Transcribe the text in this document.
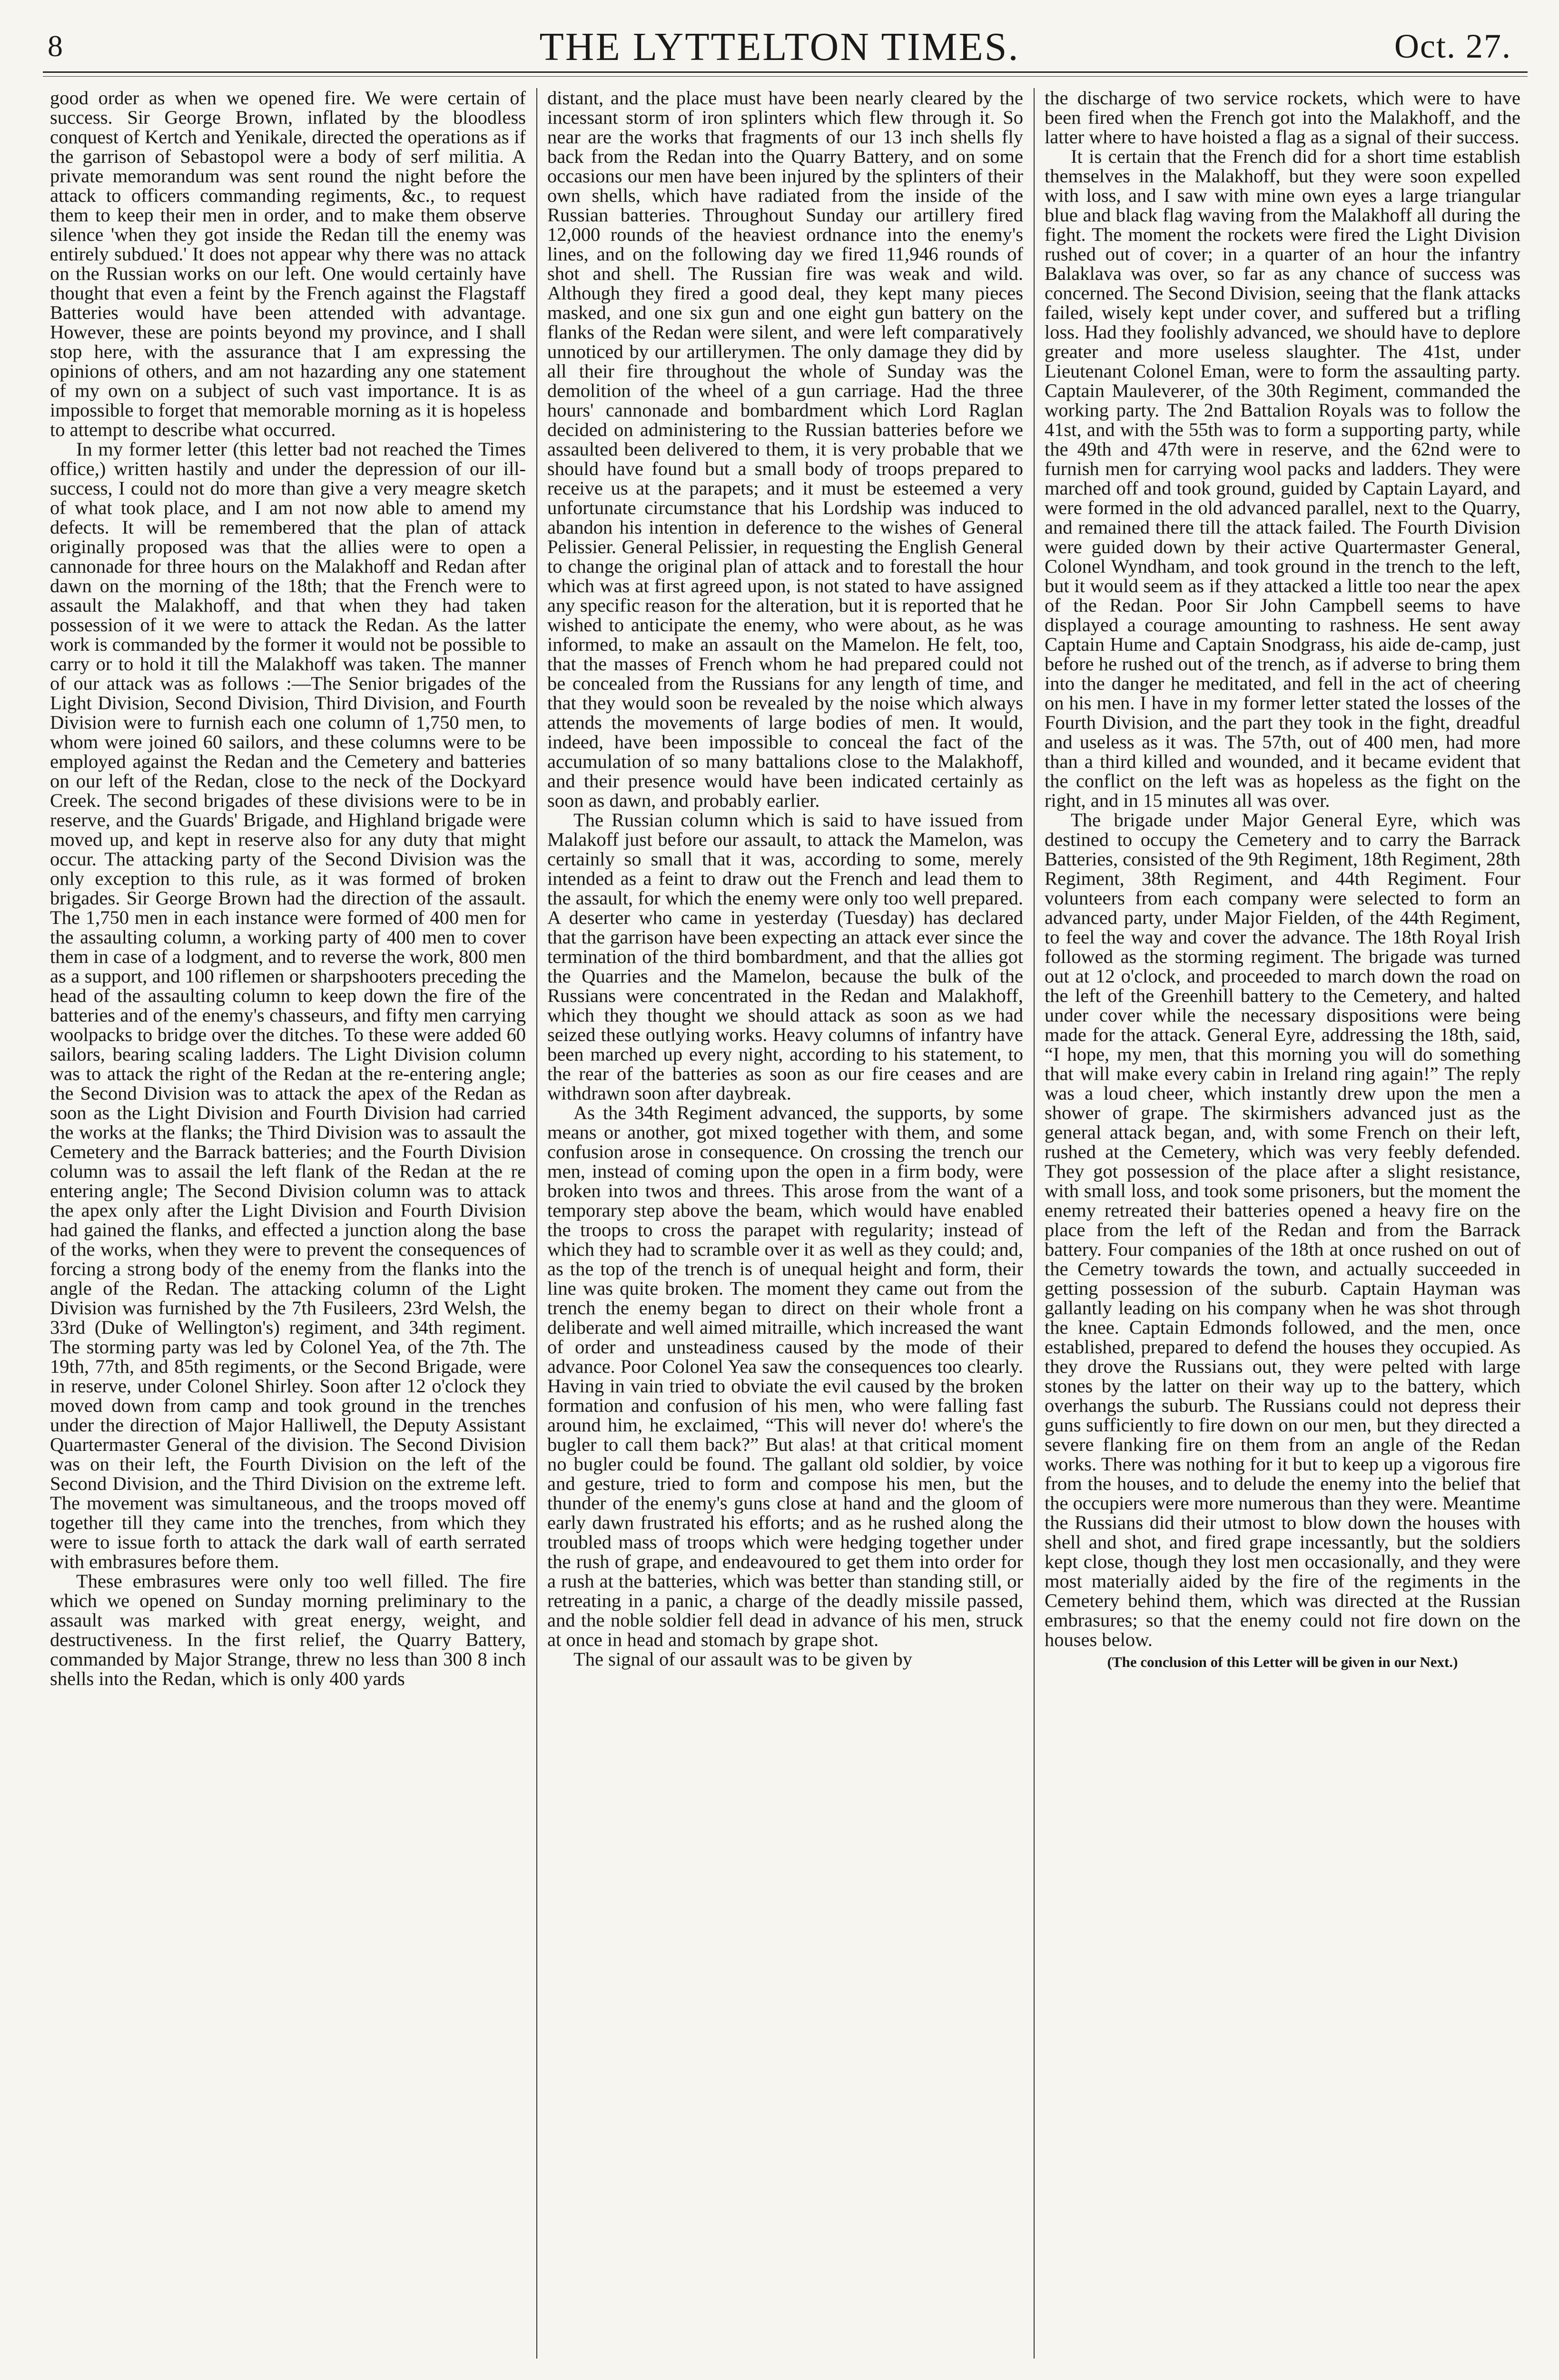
8	THE LYTTELTON TIMES.	Oct. 27.

good order as when we opened fire. We were certain of success. Sir George Brown, inflated by the bloodless conquest of Kertch and Yenikale, directed the operations as if the garrison of Sebastopol were a body of serf militia. A private memorandum was sent round the night before the attack to officers commanding regiments, &c., to request them to keep their men in order, and to make them observe silence 'when they got inside the Redan till the enemy was entirely subdued.' It does not appear why there was no attack on the Russian works on our left. One would certainly have thought that even a feint by the French against the Flagstaff Batteries would have been attended with advantage. However, these are points beyond my province, and I shall stop here, with the assurance that I am expressing the opinions of others, and am not hazarding any one statement of my own on a subject of such vast importance. It is as impossible to forget that memorable morning as it is hopeless to attempt to describe what occurred.

In my former letter (this letter bad not reached the Times office,) written hastily and under the depression of our ill-success, I could not do more than give a very meagre sketch of what took place, and I am not now able to amend my defects. It will be remembered that the plan of attack originally proposed was that the allies were to open a cannonade for three hours on the Malakhoff and Redan after dawn on the morning of the 18th; that the French were to assault the Malakhoff, and that when they had taken possession of it we were to attack the Redan. As the latter work is commanded by the former it would not be possible to carry or to hold it till the Malakhoff was taken. The manner of our attack was as follows :—The Senior brigades of the Light Division, Second Division, Third Division, and Fourth Division were to furnish each one column of 1,750 men, to whom were joined 60 sailors, and these columns were to be employed against the Redan and the Cemetery and batteries on our left of the Redan, close to the neck of the Dockyard Creek. The second brigades of these divisions were to be in reserve, and the Guards' Brigade, and Highland brigade were moved up, and kept in reserve also for any duty that might occur. The attacking party of the Second Division was the only exception to this rule, as it was formed of broken brigades. Sir George Brown had the direction of the assault. The 1,750 men in each instance were formed of 400 men for the assaulting column, a working party of 400 men to cover them in case of a lodgment, and to reverse the work, 800 men as a support, and 100 riflemen or sharpshooters preceding the head of the assaulting column to keep down the fire of the batteries and of the enemy's chasseurs, and fifty men carrying woolpacks to bridge over the ditches. To these were added 60 sailors, bearing scaling ladders. The Light Division column was to attack the right of the Redan at the re-entering angle; the Second Division was to attack the apex of the Redan as soon as the Light Division and Fourth Division had carried the works at the flanks; the Third Division was to assault the Cemetery and the Barrack batteries; and the Fourth Division column was to assail the left flank of the Redan at the re entering angle; The Second Division column was to attack the apex only after the Light Division and Fourth Division had gained the flanks, and effected a junction along the base of the works, when they were to prevent the consequences of forcing a strong body of the enemy from the flanks into the angle of the Redan. The attacking column of the Light Division was furnished by the 7th Fusileers, 23rd Welsh, the 33rd (Duke of Wellington's) regiment, and 34th regiment. The storming party was led by Colonel Yea, of the 7th. The 19th, 77th, and 85th regiments, or the Second Brigade, were in reserve, under Colonel Shirley. Soon after 12 o'clock they moved down from camp and took ground in the trenches under the direction of Major Halliwell, the Deputy Assistant Quartermaster General of the division. The Second Division was on their left, the Fourth Division on the left of the Second Division, and the Third Division on the extreme left. The movement was simultaneous, and the troops moved off together till they came into the trenches, from which they were to issue forth to attack the dark wall of earth serrated with embrasures before them.

These embrasures were only too well filled. The fire which we opened on Sunday morning preliminary to the assault was marked with great energy, weight, and destructiveness. In the first relief, the Quarry Battery, commanded by Major Strange, threw no less than 300 8 inch shells into the Redan, which is only 400 yards

distant, and the place must have been nearly cleared by the incessant storm of iron splinters which flew through it. So near are the works that fragments of our 13 inch shells fly back from the Redan into the Quarry Battery, and on some occasions our men have been injured by the splinters of their own shells, which have radiated from the inside of the Russian batteries. Throughout Sunday our artillery fired 12,000 rounds of the heaviest ordnance into the enemy's lines, and on the following day we fired 11,946 rounds of shot and shell. The Russian fire was weak and wild. Although they fired a good deal, they kept many pieces masked, and one six gun and one eight gun battery on the flanks of the Redan were silent, and were left comparatively unnoticed by our artillerymen. The only damage they did by all their fire throughout the whole of Sunday was the demolition of the wheel of a gun carriage. Had the three hours' cannonade and bombardment which Lord Raglan decided on administering to the Russian batteries before we assaulted been delivered to them, it is very probable that we should have found but a small body of troops prepared to receive us at the parapets; and it must be esteemed a very unfortunate circumstance that his Lordship was induced to abandon his intention in deference to the wishes of General Pelissier. General Pelissier, in requesting the English General to change the original plan of attack and to forestall the hour which was at first agreed upon, is not stated to have assigned any specific reason for the alteration, but it is reported that he wished to anticipate the enemy, who were about, as he was informed, to make an assault on the Mamelon. He felt, too, that the masses of French whom he had prepared could not be concealed from the Russians for any length of time, and that they would soon be revealed by the noise which always attends the movements of large bodies of men. It would, indeed, have been impossible to conceal the fact of the accumulation of so many battalions close to the Malakhoff, and their presence would have been indicated certainly as soon as dawn, and probably earlier.

The Russian column which is said to have issued from Malakoff just before our assault, to attack the Mamelon, was certainly so small that it was, according to some, merely intended as a feint to draw out the French and lead them to the assault, for which the enemy were only too well prepared. A deserter who came in yesterday (Tuesday) has declared that the garrison have been expecting an attack ever since the termination of the third bombardment, and that the allies got the Quarries and the Mamelon, because the bulk of the Russians were concentrated in the Redan and Malakhoff, which they thought we should attack as soon as we had seized these outlying works. Heavy columns of infantry have been marched up every night, according to his statement, to the rear of the batteries as soon as our fire ceases and are withdrawn soon after daybreak.

As the 34th Regiment advanced, the supports, by some means or another, got mixed together with them, and some confusion arose in consequence. On crossing the trench our men, instead of coming upon the open in a firm body, were broken into twos and threes. This arose from the want of a temporary step above the beam, which would have enabled the troops to cross the parapet with regularity; instead of which they had to scramble over it as well as they could; and, as the top of the trench is of unequal height and form, their line was quite broken. The moment they came out from the trench the enemy began to direct on their whole front a deliberate and well aimed mitraille, which increased the want of order and unsteadiness caused by the mode of their advance. Poor Colonel Yea saw the consequences too clearly. Having in vain tried to obviate the evil caused by the broken formation and confusion of his men, who were falling fast around him, he exclaimed, “This will never do! where's the bugler to call them back?” But alas! at that critical moment no bugler could be found. The gallant old soldier, by voice and gesture, tried to form and compose his men, but the thunder of the enemy's guns close at hand and the gloom of early dawn frustrated his efforts; and as he rushed along the troubled mass of troops which were hedging together under the rush of grape, and endeavoured to get them into order for a rush at the batteries, which was better than standing still, or retreating in a panic, a charge of the deadly missile passed, and the noble soldier fell dead in advance of his men, struck at once in head and stomach by grape shot.

The signal of our assault was to be given by

the discharge of two service rockets, which were to have been fired when the French got into the Malakhoff, and the latter where to have hoisted a flag as a signal of their success.

It is certain that the French did for a short time establish themselves in the Malakhoff, but they were soon expelled with loss, and I saw with mine own eyes a large triangular blue and black flag waving from the Malakhoff all during the fight. The moment the rockets were fired the Light Division rushed out of cover; in a quarter of an hour the infantry Balaklava was over, so far as any chance of success was concerned. The Second Division, seeing that the flank attacks failed, wisely kept under cover, and suffered but a trifling loss. Had they foolishly advanced, we should have to deplore greater and more useless slaughter. The 41st, under Lieutenant Colonel Eman, were to form the assaulting party. Captain Mauleverer, of the 30th Regiment, commanded the working party. The 2nd Battalion Royals was to follow the 41st, and with the 55th was to form a supporting party, while the 49th and 47th were in reserve, and the 62nd were to furnish men for carrying wool packs and ladders. They were marched off and took ground, guided by Captain Layard, and were formed in the old advanced parallel, next to the Quarry, and remained there till the attack failed. The Fourth Division were guided down by their active Quartermaster General, Colonel Wyndham, and took ground in the trench to the left, but it would seem as if they attacked a little too near the apex of the Redan. Poor Sir John Campbell seems to have displayed a courage amounting to rashness. He sent away Captain Hume and Captain Snodgrass, his aide de-camp, just before he rushed out of the trench, as if adverse to bring them into the danger he meditated, and fell in the act of cheering on his men. I have in my former letter stated the losses of the Fourth Division, and the part they took in the fight, dreadful and useless as it was. The 57th, out of 400 men, had more than a third killed and wounded, and it became evident that the conflict on the left was as hopeless as the fight on the right, and in 15 minutes all was over.

The brigade under Major General Eyre, which was destined to occupy the Cemetery and to carry the Barrack Batteries, consisted of the 9th Regiment, 18th Regiment, 28th Regiment, 38th Regiment, and 44th Regiment. Four volunteers from each company were selected to form an advanced party, under Major Fielden, of the 44th Regiment, to feel the way and cover the advance. The 18th Royal Irish followed as the storming regiment. The brigade was turned out at 12 o'clock, and proceeded to march down the road on the left of the Greenhill battery to the Cemetery, and halted under cover while the necessary dispositions were being made for the attack. General Eyre, addressing the 18th, said, “I hope, my men, that this morning you will do something that will make every cabin in Ireland ring again!” The reply was a loud cheer, which instantly drew upon the men a shower of grape. The skirmishers advanced just as the general attack began, and, with some French on their left, rushed at the Cemetery, which was very feebly defended. They got possession of the place after a slight resistance, with small loss, and took some prisoners, but the moment the enemy retreated their batteries opened a heavy fire on the place from the left of the Redan and from the Barrack battery. Four companies of the 18th at once rushed on out of the Cemetry towards the town, and actually succeeded in getting possession of the suburb. Captain Hayman was gallantly leading on his company when he was shot through the knee. Captain Edmonds followed, and the men, once established, prepared to defend the houses they occupied. As they drove the Russians out, they were pelted with large stones by the latter on their way up to the battery, which overhangs the suburb. The Russians could not depress their guns sufficiently to fire down on our men, but they directed a severe flanking fire on them from an angle of the Redan works. There was nothing for it but to keep up a vigorous fire from the houses, and to delude the enemy into the belief that the occupiers were more numerous than they were. Meantime the Russians did their utmost to blow down the houses with shell and shot, and fired grape incessantly, but the soldiers kept close, though they lost men occasionally, and they were most materially aided by the fire of the regiments in the Cemetery behind them, which was directed at the Russian embrasures; so that the enemy could not fire down on the houses below.

(The conclusion of this Letter will be given in our Next.)
